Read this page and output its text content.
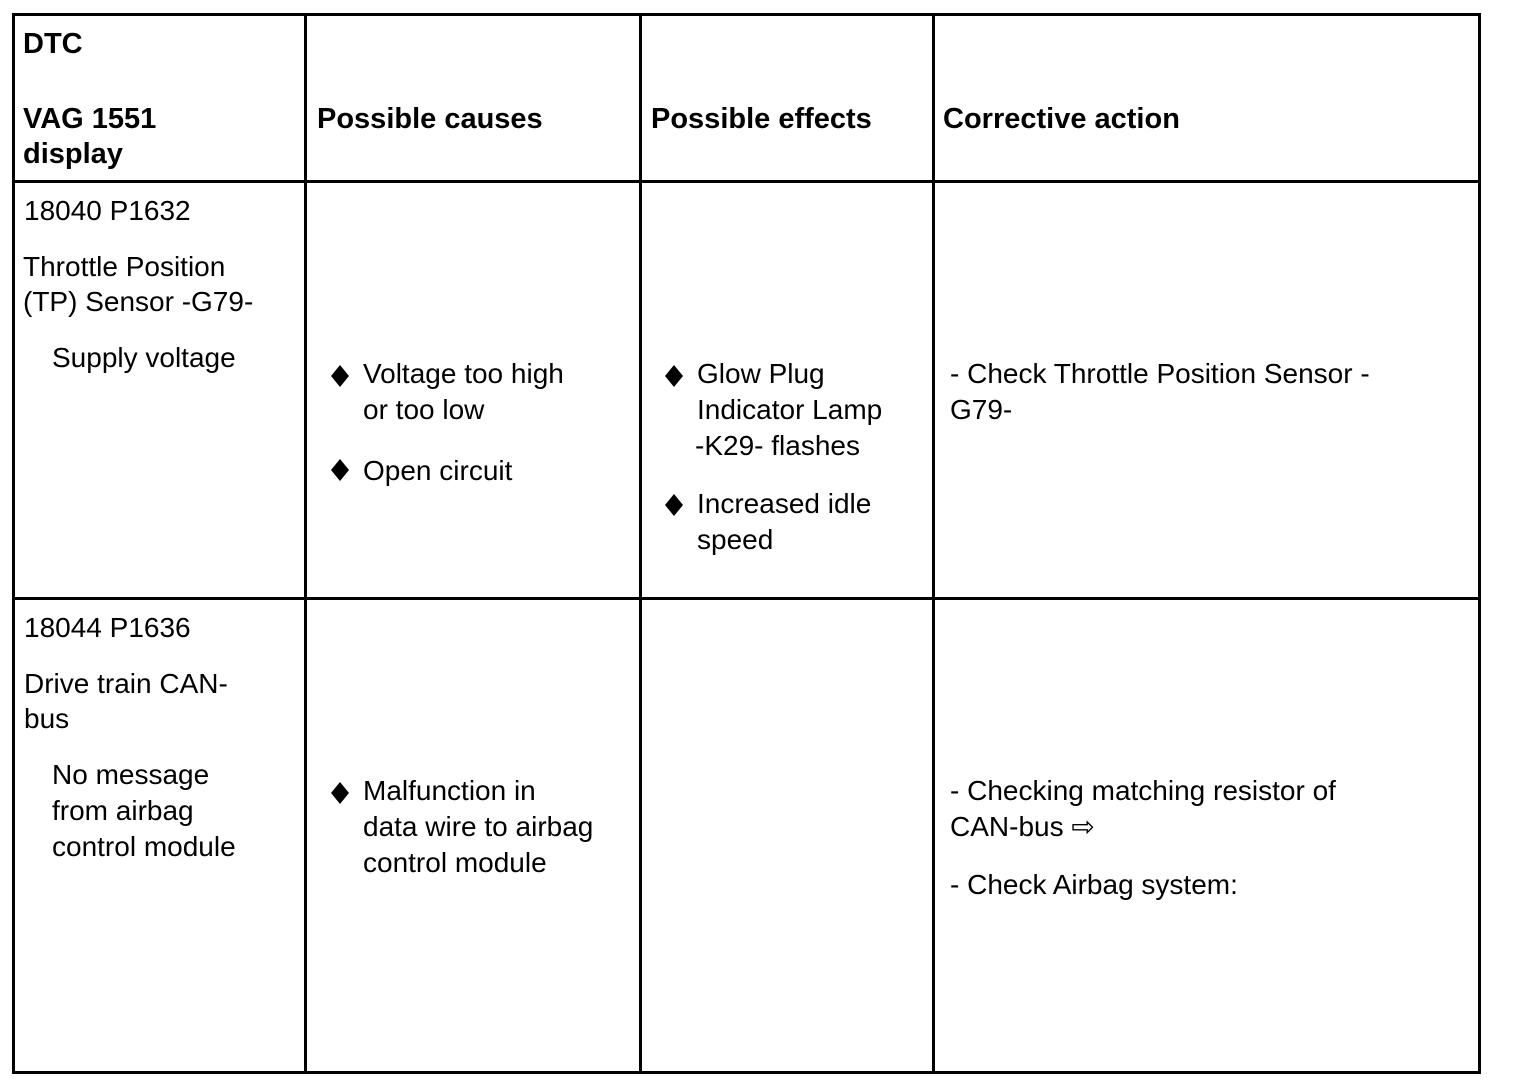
DTC
VAG 1551
display
Possible causes	Possible effects Corrective action
18040 P1632
Throttle Position
(TP) Sensor -G79-
Supply voltage
Voltage too high
or too low
Open circuit
Glow Plug
Indicator Lamp
-K29- flashes
Increased idle
speed
- Check Throttle Position Sensor -
G79-
18044 P1636
Drive train CAN-
bus
No message
from airbag
control module
Malfunction in
data wire to airbag
control module
- Checking matching resistor of
CAN-bus ⇨
- Check Airbag system:
